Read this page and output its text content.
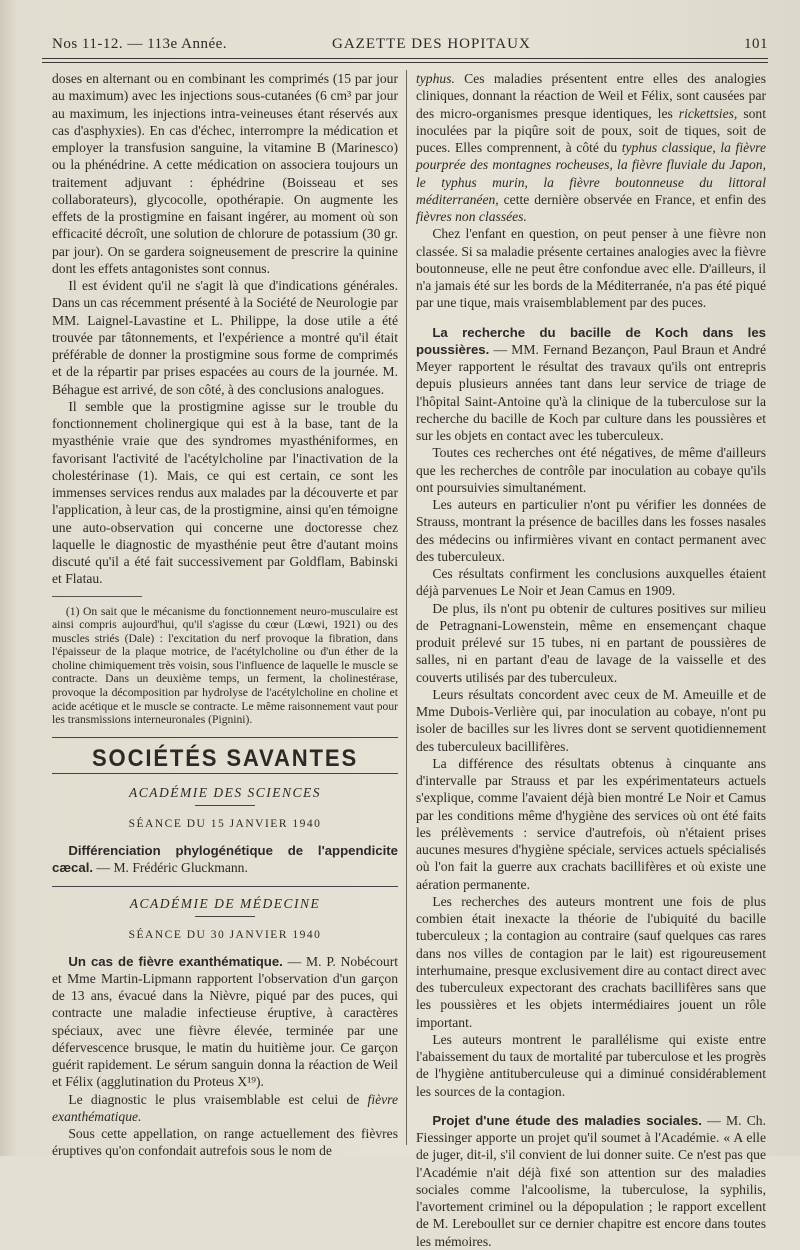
Nos 11-12. — 113e Année.	GAZETTE DES HOPITAUX	101

doses en alternant ou en combinant les comprimés (15 par jour au maximum) avec les injections sous-cutanées (6 cm³ par jour au maximum, les injections intra-veineuses étant réservés aux cas d'asphyxies). En cas d'échec, interrompre la médication et employer la transfusion sanguine, la vitamine B (Marinesco) ou la phénédrine. A cette médication on associera toujours un traitement adjuvant : éphédrine (Boisseau et ses collaborateurs), glycocolle, opothérapie. On augmente les effets de la prostigmine en faisant ingérer, au moment où son efficacité décroît, une solution de chlorure de potassium (30 gr. par jour). On se gardera soigneusement de prescrire la quinine dont les effets antagonistes sont connus.

Il est évident qu'il ne s'agit là que d'indications générales. Dans un cas récemment présenté à la Société de Neurologie par MM. Laignel-Lavastine et L. Philippe, la dose utile a été trouvée par tâtonnements, et l'expérience a montré qu'il était préférable de donner la prostigmine sous forme de comprimés et de la répartir par prises espacées au cours de la journée. M. Béhague est arrivé, de son côté, à des conclusions analogues.

Il semble que la prostigmine agisse sur le trouble du fonctionnement cholinergique qui est à la base, tant de la myasthénie vraie que des syndromes myasthéniformes, en favorisant l'activité de l'acétylcholine par l'inactivation de la cholestérinase (1). Mais, ce qui est certain, ce sont les immenses services rendus aux malades par la découverte et par l'application, à leur cas, de la prostigmine, ainsi qu'en témoigne une auto-observation qui concerne une doctoresse chez laquelle le diagnostic de myasthénie peut être d'autant moins discuté qu'il a été fait successivement par Goldflam, Babinski et Flatau.

(1) On sait que le mécanisme du fonctionnement neuro-musculaire est ainsi compris aujourd'hui, qu'il s'agisse du cœur (Lœwi, 1921) ou des muscles striés (Dale) : l'excitation du nerf provoque la fibration, dans l'épaisseur de la plaque motrice, de l'acétylcholine ou d'un éther de la choline chimiquement très voisin, sous l'influence de laquelle le muscle se contracte. Dans un deuxième temps, un ferment, la cholinestérase, provoque la décomposition par hydrolyse de l'acétylcholine en choline et acide acétique et le muscle se contracte. Le même raisonnement vaut pour les transmissions interneuronales (Pignini).

SOCIÉTÉS SAVANTES
ACADÉMIE DES SCIENCES
SÉANCE DU 15 JANVIER 1940

Différenciation phylogénétique de l'appendicite cæcal. — M. Frédéric Gluckmann.

ACADÉMIE DE MÉDECINE
SÉANCE DU 30 JANVIER 1940

Un cas de fièvre exanthématique. — M. P. Nobécourt et Mme Martin-Lipmann rapportent l'observation d'un garçon de 13 ans, évacué dans la Nièvre, piqué par des puces, qui contracte une maladie infectieuse éruptive, à caractères spéciaux, avec une fièvre élevée, terminée par une défervescence brusque, le matin du huitième jour. Ce garçon guérit rapidement. Le sérum sanguin donna la réaction de Weil et Félix (agglutination du Proteus X¹⁹).

Le diagnostic le plus vraisemblable est celui de fièvre exanthématique.

Sous cette appellation, on range actuellement des fièvres éruptives qu'on confondait autrefois sous le nom de

typhus. Ces maladies présentent entre elles des analogies cliniques, donnant la réaction de Weil et Félix, sont causées par des micro-organismes presque identiques, les rickettsies, sont inoculées par la piqûre soit de poux, soit de tiques, soit de puces. Elles comprennent, à côté du typhus classique, la fièvre pourprée des montagnes rocheuses, la fièvre fluviale du Japon, le typhus murin, la fièvre boutonneuse du littoral méditerranéen, cette dernière observée en France, et enfin des fièvres non classées.

Chez l'enfant en question, on peut penser à une fièvre non classée. Si sa maladie présente certaines analogies avec la fièvre boutonneuse, elle ne peut être confondue avec elle. D'ailleurs, il n'a jamais été sur les bords de la Méditerranée, n'a pas été piqué par une tique, mais vraisemblablement par des puces.

La recherche du bacille de Koch dans les poussières. — MM. Fernand Bezançon, Paul Braun et André Meyer rapportent le résultat des travaux qu'ils ont entrepris depuis plusieurs années tant dans leur service de triage de l'hôpital Saint-Antoine qu'à la clinique de la tuberculose sur la recherche du bacille de Koch par culture dans les poussières et sur les objets en contact avec les tuberculeux.

Toutes ces recherches ont été négatives, de même d'ailleurs que les recherches de contrôle par inoculation au cobaye qu'ils ont poursuivies simultanément.

Les auteurs en particulier n'ont pu vérifier les données de Strauss, montrant la présence de bacilles dans les fosses nasales des médecins ou infirmières vivant en contact permanent avec des tuberculeux.

Ces résultats confirment les conclusions auxquelles étaient déjà parvenues Le Noir et Jean Camus en 1909.

De plus, ils n'ont pu obtenir de cultures positives sur milieu de Petragnani-Lowenstein, même en ensemençant chaque produit prélevé sur 15 tubes, ni en partant de poussières de salles, ni en partant d'eau de lavage de la vaisselle et des couverts utilisés par des tuberculeux.

Leurs résultats concordent avec ceux de M. Ameuille et de Mme Dubois-Verlière qui, par inoculation au cobaye, n'ont pu isoler de bacilles sur les livres dont se servent quotidiennement des tuberculeux bacillifères.

La différence des résultats obtenus à cinquante ans d'intervalle par Strauss et par les expérimentateurs actuels s'explique, comme l'avaient déjà bien montré Le Noir et Camus par les conditions même d'hygiène des services où ont été faits les prélèvements : service d'autrefois, où n'étaient prises aucunes mesures d'hygiène spéciale, services actuels spécialisés où l'on fait la guerre aux crachats bacillifères et où existe une aération permanente.

Les recherches des auteurs montrent une fois de plus combien était inexacte la théorie de l'ubiquité du bacille tuberculeux ; la contagion au contraire (sauf quelques cas rares dans nos villes de contagion par le lait) est rigoureusement interhumaine, presque exclusivement dire au contact direct avec des tuberculeux expectorant des crachats bacillifères sans que les poussières et les objets intermédiaires jouent un rôle important.

Les auteurs montrent le parallélisme qui existe entre l'abaissement du taux de mortalité par tuberculose et les progrès de l'hygiène antituberculeuse qui a diminué considérablement les sources de la contagion.

Projet d'une étude des maladies sociales. — M. Ch. Fiessinger apporte un projet qu'il soumet à l'Académie. « A elle de juger, dit-il, s'il convient de lui donner suite. Ce n'est pas que l'Académie n'ait déjà fixé son attention sur des maladies sociales comme l'alcoolisme, la tuberculose, la syphilis, l'avortement criminel ou la dépopulation ; le rapport excellent de M. Lereboullet sur ce dernier chapitre est encore dans toutes les mémoires.
